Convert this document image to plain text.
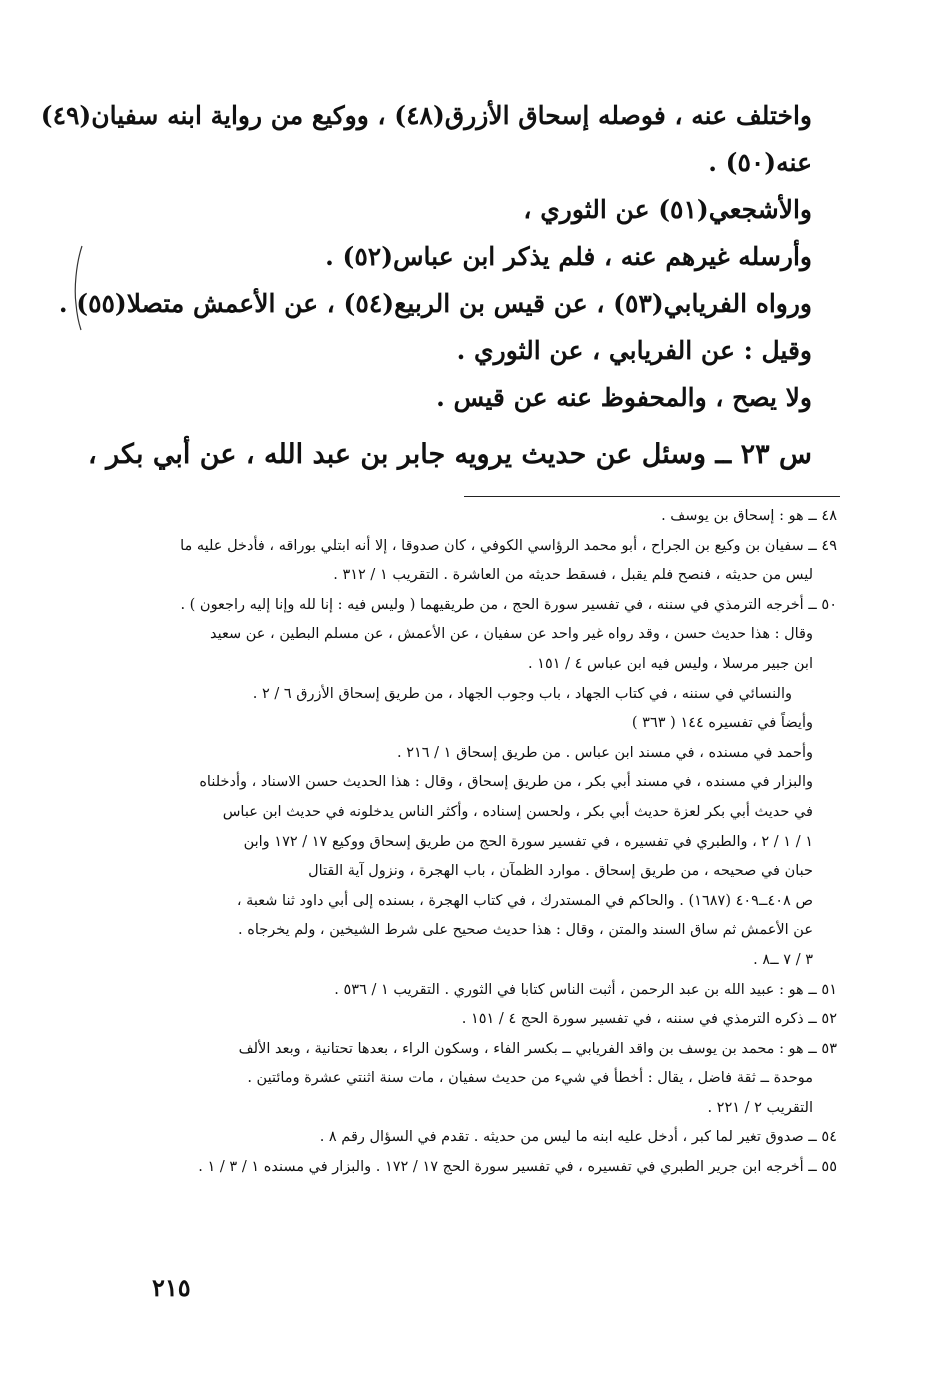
واختلف عنه ، فوصله إسحاق الأزرق(٤٨) ، ووكيع من رواية ابنه سفيان(٤٩)
عنه(٥٠) .
والأشجعي(٥١) عن الثوري ،
وأرسله غيرهم عنه ، فلم يذكر ابن عباس(٥٢) .
ورواه الفريابي(٥٣) ، عن قيس بن الربيع(٥٤) ، عن الأعمش متصلا(٥٥) .
وقيل : عن الفريابي ، عن الثوري .
ولا يصح ، والمحفوظ عنه عن قيس .
س ٢٣ ــ وسئل عن حديث يرويه جابر بن عبد الله ، عن أبي بكر ،
٤٨ ــ هو : إسحاق بن يوسف .
٤٩ ــ سفيان بن وكيع بن الجراح ، أبو محمد الرؤاسي الكوفي ، كان صدوقا ، إلا أنه ابتلي بوراقه ، فأدخل عليه ما
ليس من حديثه ، فنصح فلم يقبل ، فسقط حديثه من العاشرة . التقريب ١ / ٣١٢ .
٥٠ ــ أخرجه الترمذي في سننه ، في تفسير سورة الحج ، من طريقيهما ( وليس فيه : إنا لله وإنا إليه راجعون ) .
وقال : هذا حديث حسن ، وقد رواه غير واحد عن سفيان ، عن الأعمش ، عن مسلم البطين ، عن سعيد
ابن جبير مرسلا ، وليس فيه ابن عباس ٤ / ١٥١ .
والنسائي في سننه ، في كتاب الجهاد ، باب وجوب الجهاد ، من طريق إسحاق الأزرق ٦ / ٢ .
وأيضاً في تفسيره ١٤٤ ( ٣٦٣ )
وأحمد في مسنده ، في مسند ابن عباس . من طريق إسحاق ١ / ٢١٦ .
والبزار في مسنده ، في مسند أبي بكر ، من طريق إسحاق ، وقال : هذا الحديث حسن الاسناد ، وأدخلناه
في حديث أبي بكر لعزة حديث أبي بكر ، ولحسن إسناده ، وأكثر الناس يدخلونه في حديث ابن عباس
١ / ١ / ٢ ، والطبري في تفسيره ، في تفسير سورة الحج من طريق إسحاق ووكيع ١٧ / ١٧٢ وابن
حبان في صحيحه ، من طريق إسحاق . موارد الظمآن ، باب الهجرة ، ونزول آية القتال
ص ٤٠٨ــ٤٠٩ (١٦٨٧) . والحاكم في المستدرك ، في كتاب الهجرة ، بسنده إلى أبي داود ثنا شعبة ،
عن الأعمش ثم ساق السند والمتن ، وقال : هذا حديث صحيح على شرط الشيخين ، ولم يخرجاه .
٣ / ٧ ــ٨ .
٥١ ــ هو : عبيد الله بن عبد الرحمن ، أثبت الناس كتابا في الثوري . التقريب ١ / ٥٣٦ .
٥٢ ــ ذكره الترمذي في سننه ، في تفسير سورة الحج ٤ / ١٥١ .
٥٣ ــ هو : محمد بن يوسف بن واقد الفريابي ــ بكسر الفاء ، وسكون الراء ، بعدها تحتانية ، وبعد الألف
موحدة ــ ثقة فاضل ، يقال : أخطأ في شيء من حديث سفيان ، مات سنة اثنتي عشرة ومائتين .
التقريب ٢ / ٢٢١ .
٥٤ ــ صدوق تغير لما كبر ، أدخل عليه ابنه ما ليس من حديثه . تقدم في السؤال رقم ٨ .
٥٥ ــ أخرجه ابن جرير الطبري في تفسيره ، في تفسير سورة الحج ١٧ / ١٧٢ . والبزار في مسنده ١ / ٣ / ١ .
٢١٥
